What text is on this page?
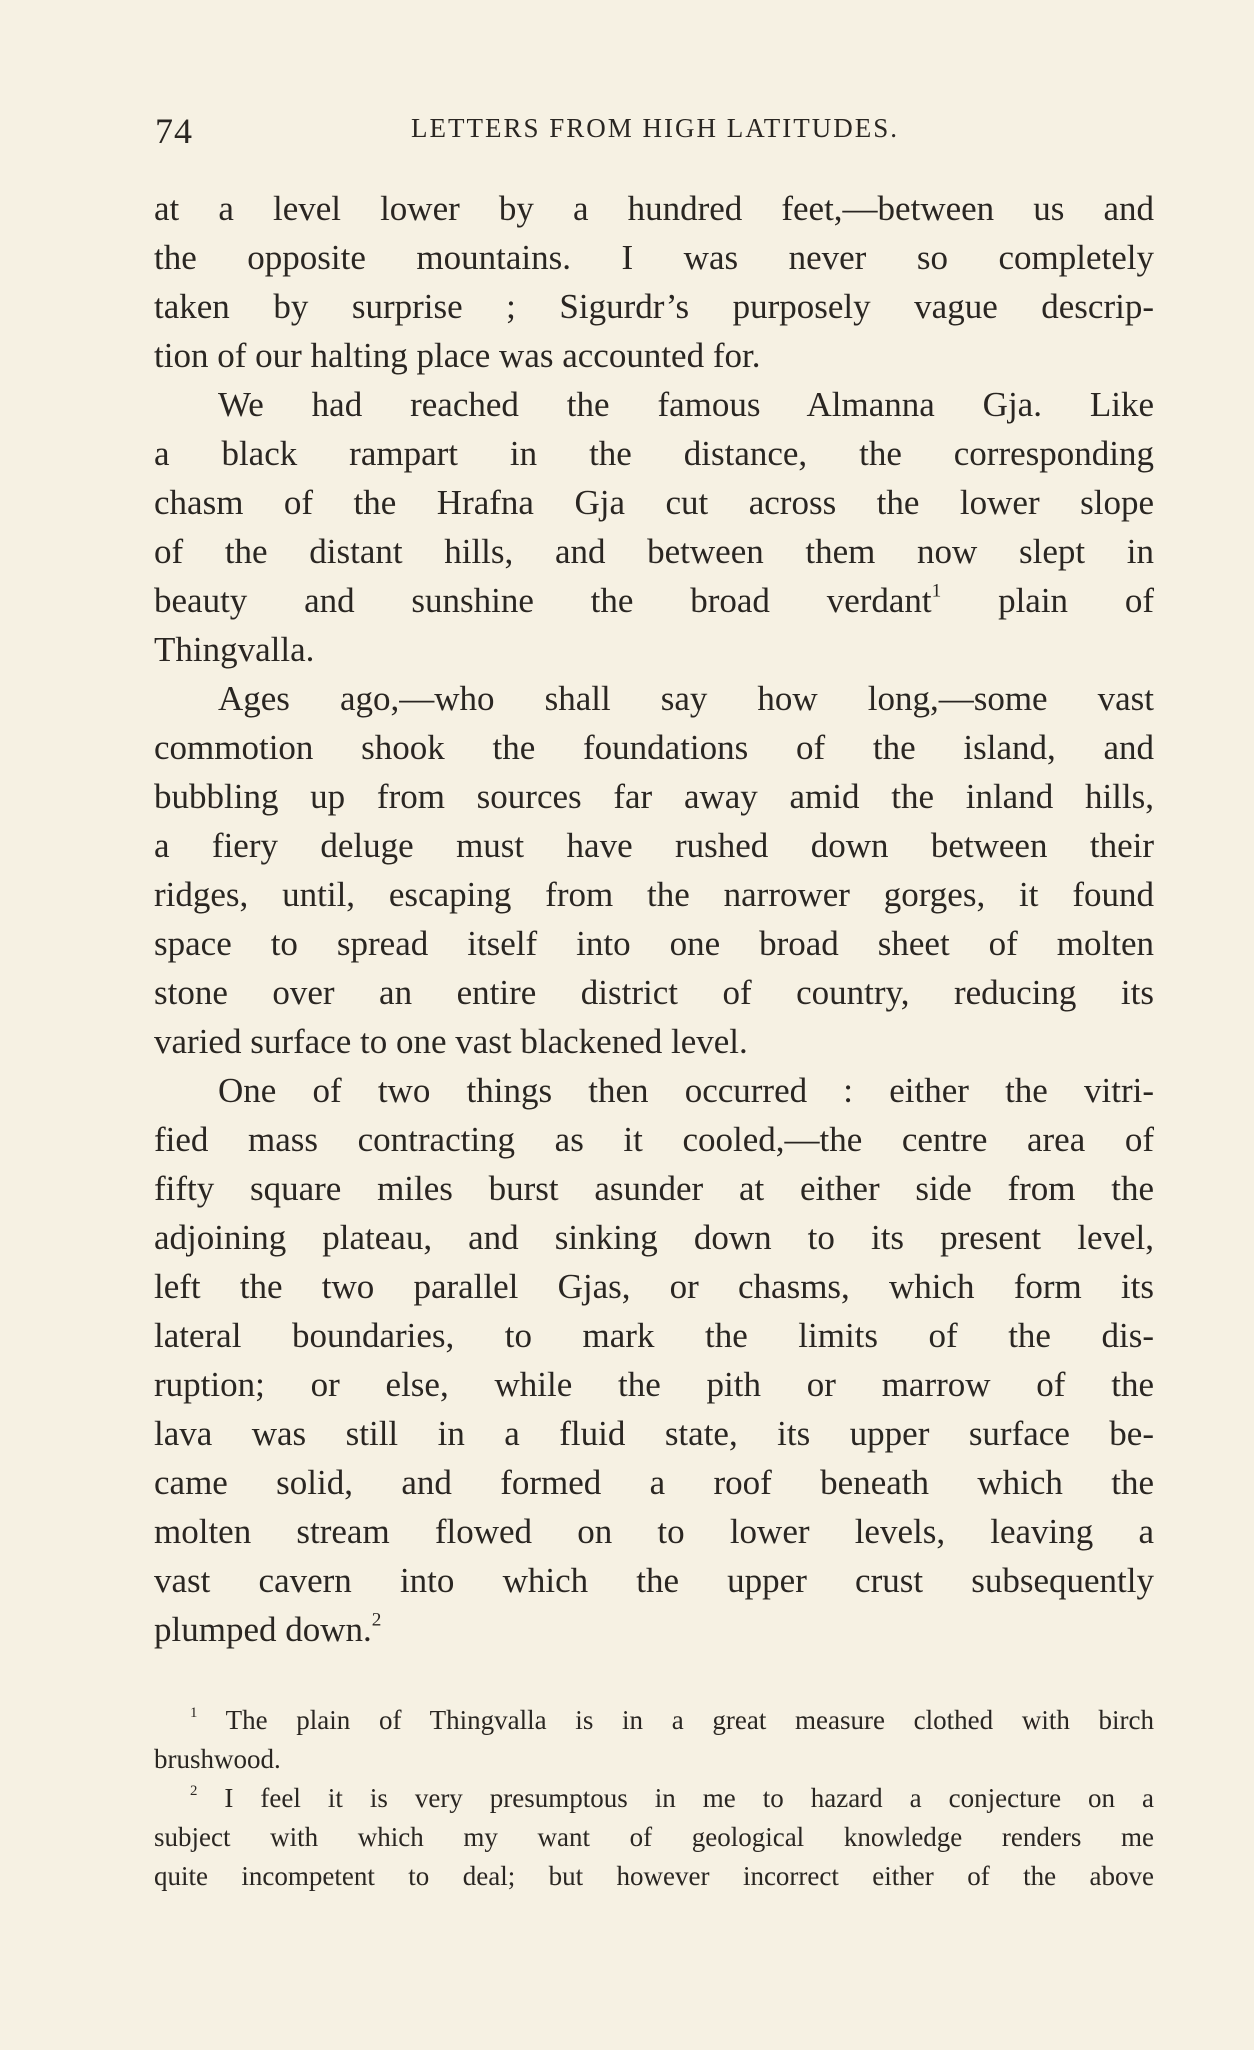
74	LETTERS FROM HIGH LATITUDES.
at a level lower by a hundred feet,—between us and
the opposite mountains. I was never so completely
taken by surprise ; Sigurdr’s purposely vague descrip-
tion of our halting place was accounted for.
We had reached the famous Almanna Gja. Like
a black rampart in the distance, the corresponding
chasm of the Hrafna Gja cut across the lower slope
of the distant hills, and between them now slept in
beauty and sunshine the broad verdant$^1$ plain of
Thingvalla.
Ages ago,—who shall say how long,—some vast
commotion shook the foundations of the island, and
bubbling up from sources far away amid the inland hills,
a fiery deluge must have rushed down between their
ridges, until, escaping from the narrower gorges, it found
space to spread itself into one broad sheet of molten
stone over an entire district of country, reducing its
varied surface to one vast blackened level.
One of two things then occurred : either the vitri-
fied mass contracting as it cooled,—the centre area of
fifty square miles burst asunder at either side from the
adjoining plateau, and sinking down to its present level,
left the two parallel Gjas, or chasms, which form its
lateral boundaries, to mark the limits of the dis-
ruption; or else, while the pith or marrow of the
lava was still in a fluid state, its upper surface be-
came solid, and formed a roof beneath which the
molten stream flowed on to lower levels, leaving a
vast cavern into which the upper crust subsequently
plumped down.$^2$
$^1$ The plain of Thingvalla is in a great measure clothed with birch
brushwood.
$^2$ I feel it is very presumptous in me to hazard a conjecture on a
subject with which my want of geological knowledge renders me
quite incompetent to deal; but however incorrect either of the above
